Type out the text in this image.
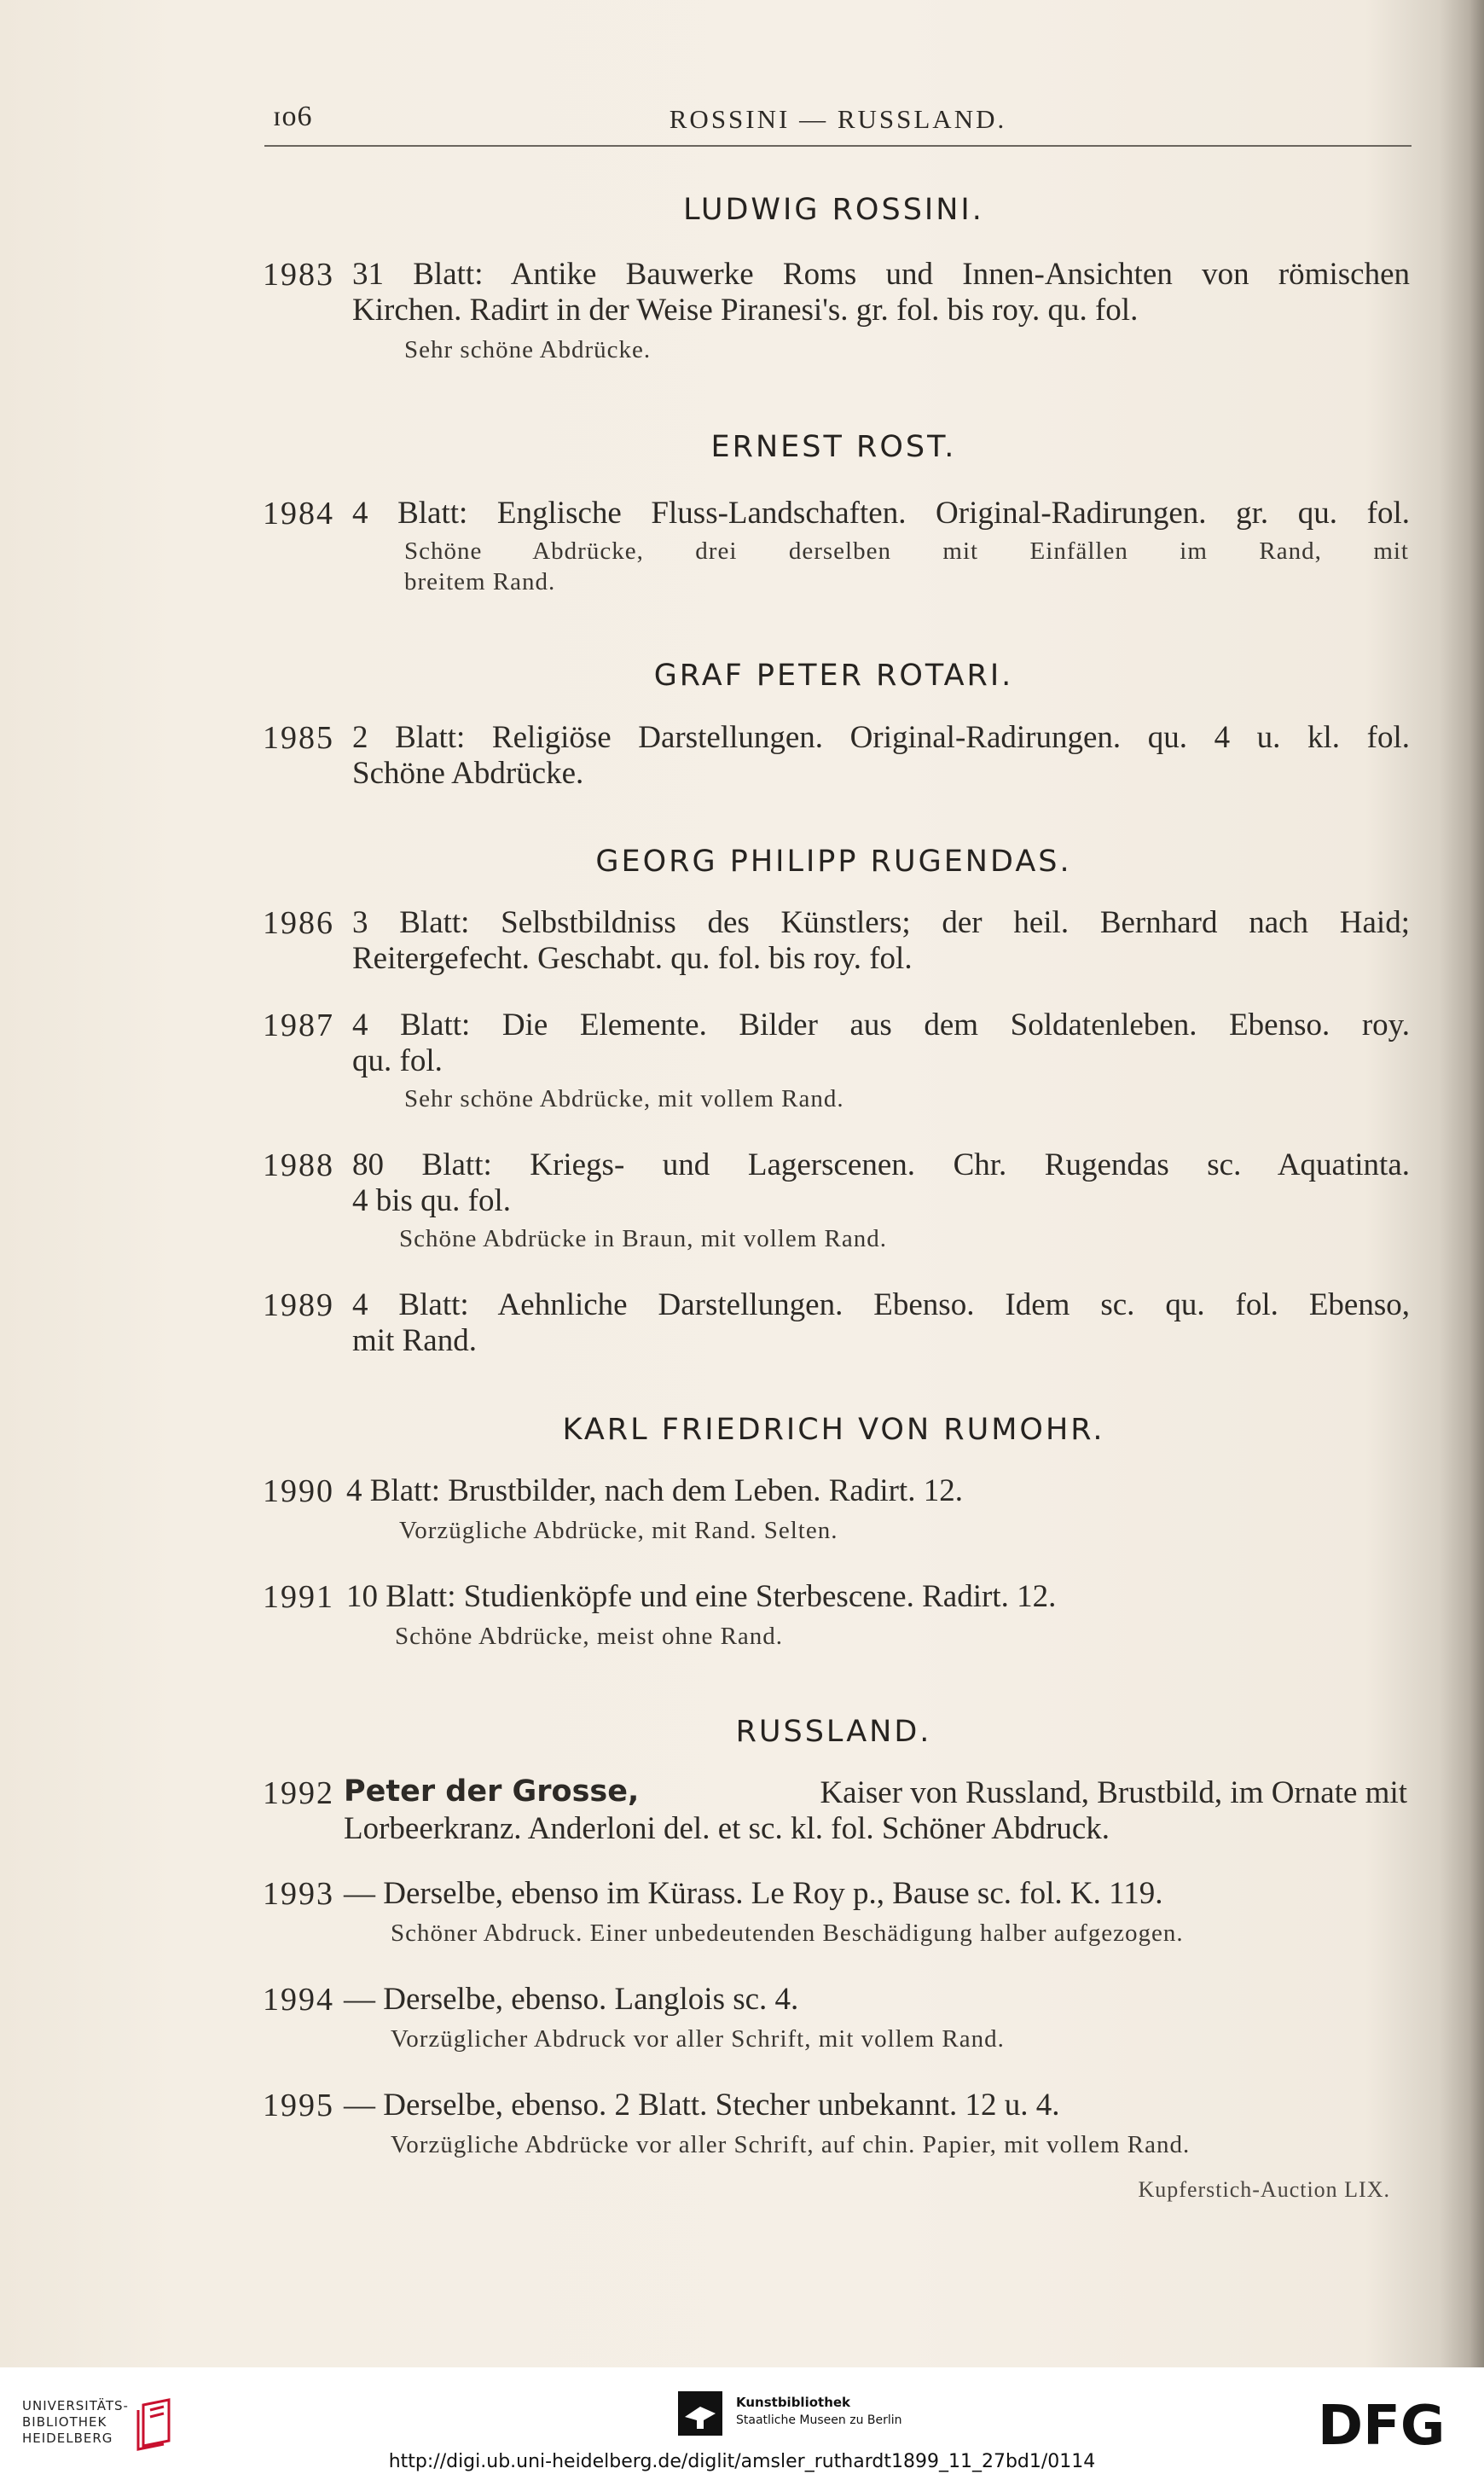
ɪo6	ROSSINI — RUSSLAND.
LUDWIG ROSSINI.
1983 31 Blatt: Antike Bauwerke Roms und Innen-Ansichten von römischen
Kirchen. Radirt in der Weise Piranesi's. gr. fol. bis roy. qu. fol.
Sehr schöne Abdrücke.
ERNEST ROST.
1984 4 Blatt: Englische Fluss-Landschaften. Original-Radirungen. gr. qu. fol.
Schöne Abdrücke, drei derselben mit Einfällen im Rand, mit
breitem Rand.
GRAF PETER ROTARI.
1985 2 Blatt: Religiöse Darstellungen. Original-Radirungen. qu. 4 u. kl. fol.
Schöne Abdrücke.
GEORG PHILIPP RUGENDAS.
1986 3 Blatt: Selbstbildniss des Künstlers; der heil. Bernhard nach Haid;
Reitergefecht. Geschabt. qu. fol. bis roy. fol.
1987 4 Blatt: Die Elemente. Bilder aus dem Soldatenleben. Ebenso. roy.
qu. fol.
Sehr schöne Abdrücke, mit vollem Rand.
1988 80 Blatt: Kriegs- und Lagerscenen. Chr. Rugendas sc. Aquatinta.
4 bis qu. fol.
Schöne Abdrücke in Braun, mit vollem Rand.
1989 4 Blatt: Aehnliche Darstellungen. Ebenso. Idem sc. qu. fol. Ebenso,
mit Rand.
KARL FRIEDRICH VON RUMOHR.
1990 4 Blatt: Brustbilder, nach dem Leben. Radirt. 12.
Vorzügliche Abdrücke, mit Rand. Selten.
1991 10 Blatt: Studienköpfe und eine Sterbescene. Radirt. 12.
Schöne Abdrücke, meist ohne Rand.
RUSSLAND.
1992 Peter der Grosse,	Kaiser von Russland, Brustbild, im Ornate mit
Lorbeerkranz. Anderloni del. et sc. kl. fol. Schöner Abdruck.
1993 — Derselbe, ebenso im Kürass. Le Roy p., Bause sc. fol. K. 119.
Schöner Abdruck. Einer unbedeutenden Beschädigung halber aufgezogen.
1994 — Derselbe, ebenso. Langlois sc. 4.
Vorzüglicher Abdruck vor aller Schrift, mit vollem Rand.
1995 — Derselbe, ebenso. 2 Blatt. Stecher unbekannt. 12 u. 4.
Vorzügliche Abdrücke vor aller Schrift, auf chin. Papier, mit vollem Rand.
Kupferstich-Auction LIX.
UNIVERSITÄTS-
BIBLIOTHEK
HEIDELBERG
Kunstbibliothek
Staatliche Museen zu Berlin	DFG
http://digi.ub.uni-heidelberg.de/diglit/amsler_ruthardt1899_11_27bd1/0114
